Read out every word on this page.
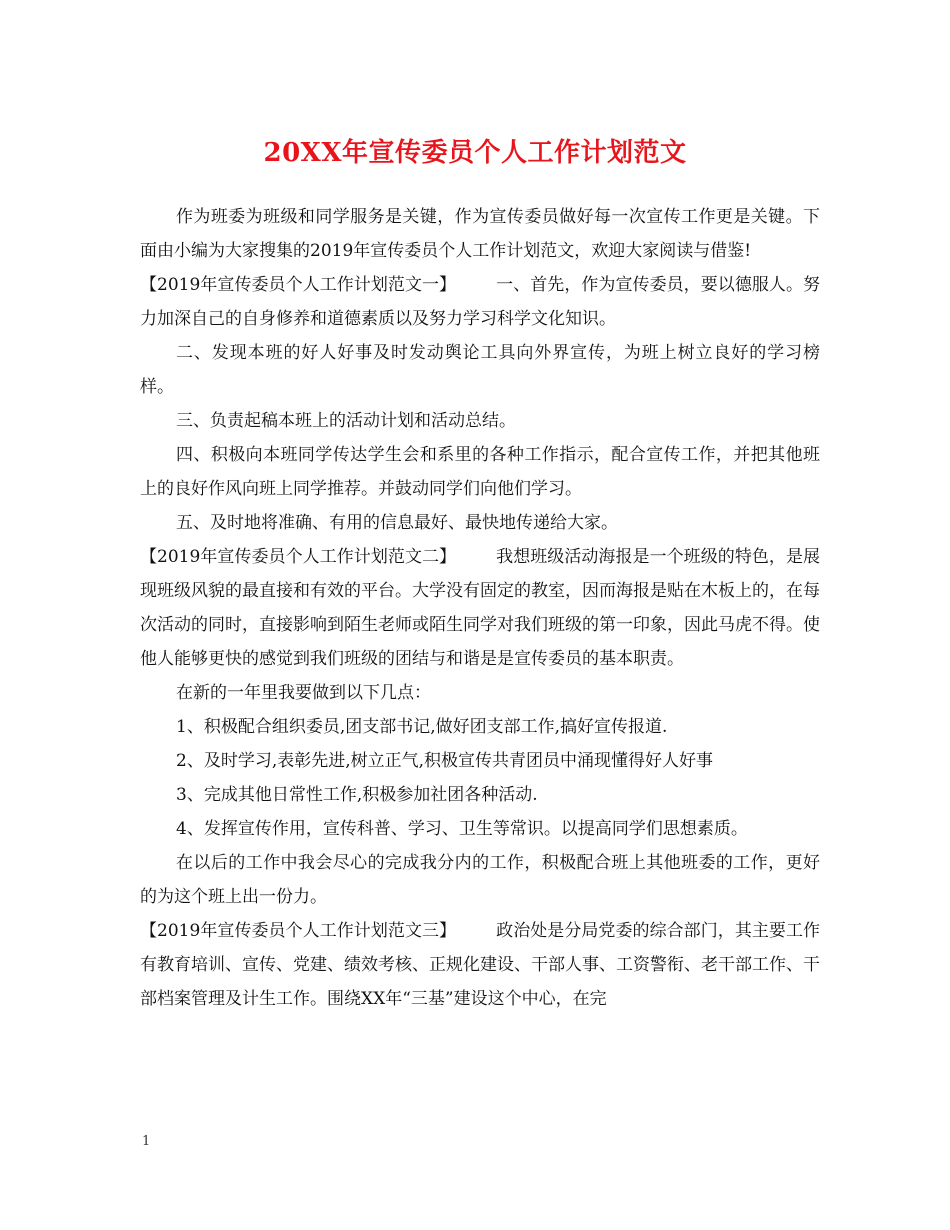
20XX年宣传委员个人工作计划范文

作为班委为班级和同学服务是关键，作为宣传委员做好每一次宣传工作更是关键。下面由小编为大家搜集的2019年宣传委员个人工作计划范文，欢迎大家阅读与借鉴!

【2019年宣传委员个人工作计划范文一】 一、首先，作为宣传委员，要以德服人。努力加深自己的自身修养和道德素质以及努力学习科学文化知识。

二、发现本班的好人好事及时发动舆论工具向外界宣传，为班上树立良好的学习榜样。

三、负责起稿本班上的活动计划和活动总结。

四、积极向本班同学传达学生会和系里的各种工作指示，配合宣传工作，并把其他班上的良好作风向班上同学推荐。并鼓动同学们向他们学习。

五、及时地将准确、有用的信息最好、最快地传递给大家。

【2019年宣传委员个人工作计划范文二】 我想班级活动海报是一个班级的特色，是展现班级风貌的最直接和有效的平台。大学没有固定的教室，因而海报是贴在木板上的，在每次活动的同时，直接影响到陌生老师或陌生同学对我们班级的第一印象，因此马虎不得。使他人能够更快的感觉到我们班级的团结与和谐是是宣传委员的基本职责。

在新的一年里我要做到以下几点：

1、积极配合组织委员,团支部书记,做好团支部工作,搞好宣传报道.

2、及时学习,表彰先进,树立正气,积极宣传共青团员中涌现懂得好人好事

3、完成其他日常性工作,积极参加社团各种活动.

4、发挥宣传作用，宣传科普、学习、卫生等常识。以提高同学们思想素质。

在以后的工作中我会尽心的完成我分内的工作，积极配合班上其他班委的工作，更好的为这个班上出一份力。

【2019年宣传委员个人工作计划范文三】 政治处是分局党委的综合部门，其主要工作有教育培训、宣传、党建、绩效考核、正规化建设、干部人事、工资警衔、老干部工作、干部档案管理及计生工作。围绕XX年“三基”建设这个中心，在完

1
